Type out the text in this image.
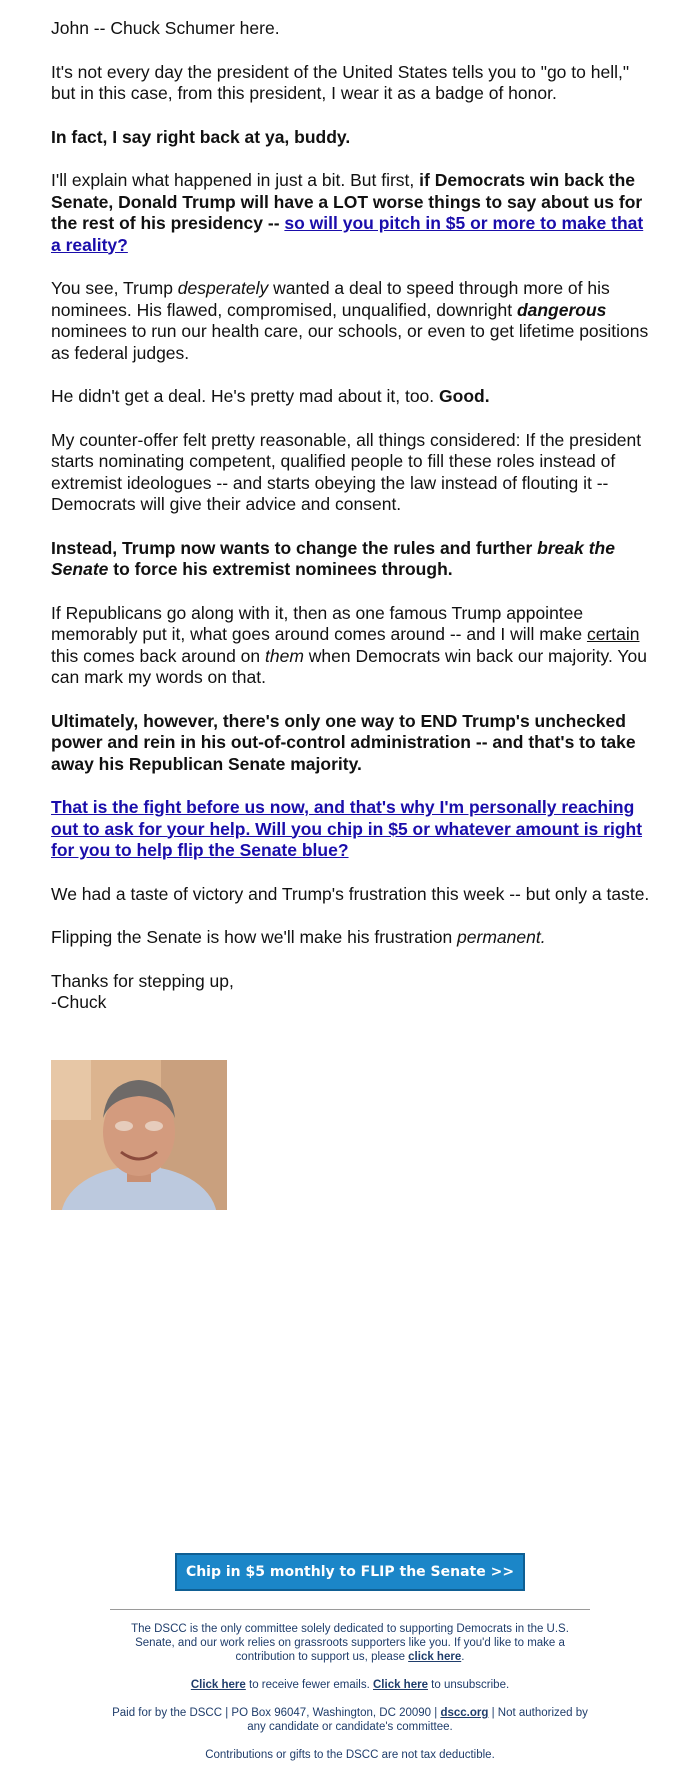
John -- Chuck Schumer here.

It's not every day the president of the United States tells you to "go to hell," but in this case, from this president, I wear it as a badge of honor.

In fact, I say right back at ya, buddy.

I'll explain what happened in just a bit. But first, if Democrats win back the Senate, Donald Trump will have a LOT worse things to say about us for the rest of his presidency -- so will you pitch in $5 or more to make that a reality?

You see, Trump desperately wanted a deal to speed through more of his nominees. His flawed, compromised, unqualified, downright dangerous nominees to run our health care, our schools, or even to get lifetime positions as federal judges.

He didn't get a deal. He's pretty mad about it, too. Good.

My counter-offer felt pretty reasonable, all things considered: If the president starts nominating competent, qualified people to fill these roles instead of extremist ideologues -- and starts obeying the law instead of flouting it -- Democrats will give their advice and consent.

Instead, Trump now wants to change the rules and further break the Senate to force his extremist nominees through.

If Republicans go along with it, then as one famous Trump appointee memorably put it, what goes around comes around -- and I will make certain this comes back around on them when Democrats win back our majority. You can mark my words on that.

Ultimately, however, there's only one way to END Trump's unchecked power and rein in his out-of-control administration -- and that's to take away his Republican Senate majority.

That is the fight before us now, and that's why I'm personally reaching out to ask for your help. Will you chip in $5 or whatever amount is right for you to help flip the Senate blue?

We had a taste of victory and Trump's frustration this week -- but only a taste.

Flipping the Senate is how we'll make his frustration permanent.

Thanks for stepping up,
-Chuck

Chip in $5 monthly to FLIP the Senate >>

The DSCC is the only committee solely dedicated to supporting Democrats in the U.S. Senate, and our work relies on grassroots supporters like you. If you'd like to make a contribution to support us, please click here.

Click here to receive fewer emails. Click here to unsubscribe.

Paid for by the DSCC | PO Box 96047, Washington, DC 20090 | dscc.org | Not authorized by any candidate or candidate's committee.

Contributions or gifts to the DSCC are not tax deductible.
